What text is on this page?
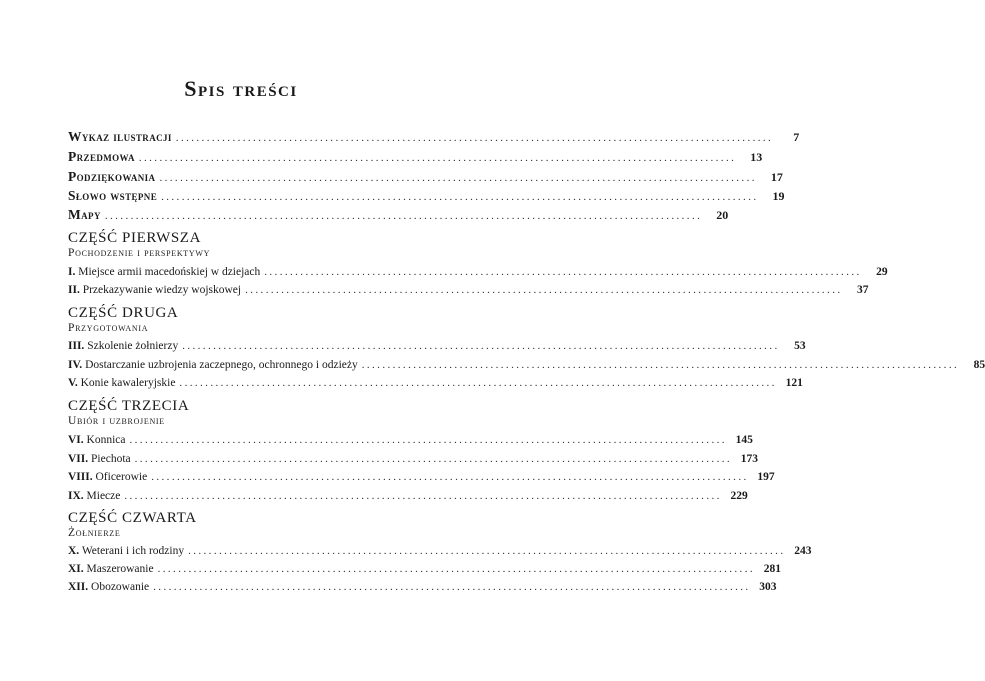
Spis treści
Wykaz ilustracji ....................................................................................................................	7
Przedmowa ....................................................................................................................	13
Podziękowania ....................................................................................................................	17
Słowo wstępne ....................................................................................................................	19
Mapy ....................................................................................................................	20
CZĘŚĆ PIERWSZA
Pochodzenie i perspektywy
I. Miejsce armii macedońskiej w dziejach ....................................................................................................................	29
II. Przekazywanie wiedzy wojskowej ....................................................................................................................	37
CZĘŚĆ DRUGA
Przygotowania
III. Szkolenie żołnierzy ....................................................................................................................	53
IV. Dostarczanie uzbrojenia zaczepnego, ochronnego i odzieży ....................................................................................................................	85
V. Konie kawaleryjskie .................................................................................................................... 121
CZĘŚĆ TRZECIA
Ubiór i uzbrojenie
VI. Konnica .................................................................................................................... 145
VII. Piechota .................................................................................................................... 173
VIII. Oficerowie .................................................................................................................... 197
IX. Miecze .................................................................................................................... 229
CZĘŚĆ CZWARTA
Żołnierze
X. Weterani i ich rodziny .................................................................................................................... 243
XI. Maszerowanie .................................................................................................................... 281
XII. Obozowanie .................................................................................................................... 303
